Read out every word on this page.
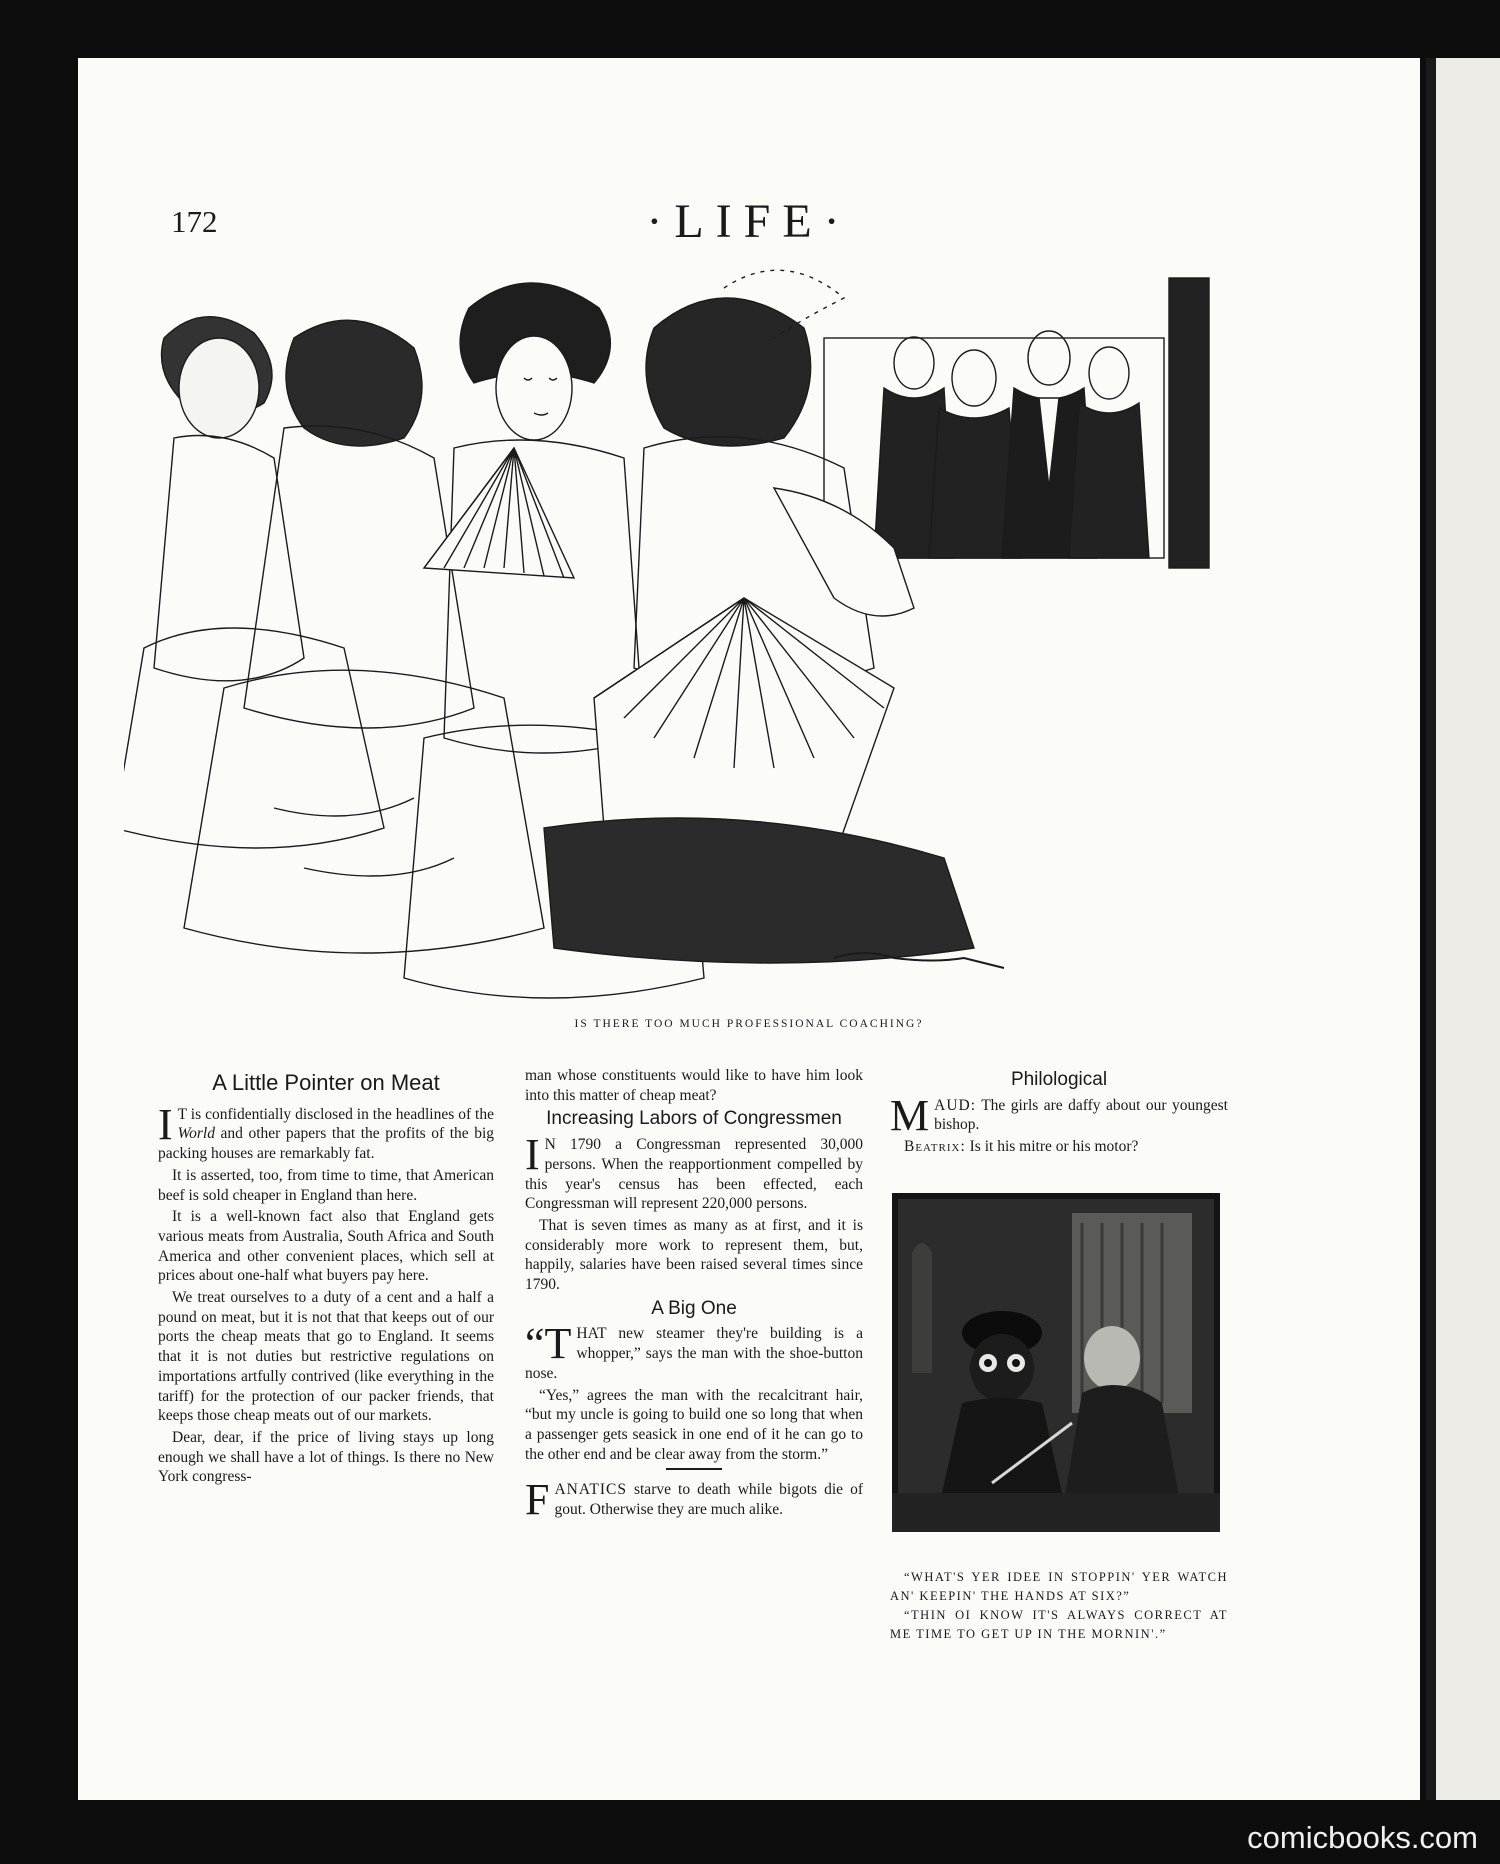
172	·LIFE·
IS THERE TOO MUCH PROFESSIONAL COACHING?
A Little Pointer on Meat

I T is confidentially disclosed in the headlines of the World and other papers that the profits of the big packing houses are remarkably fat.

It is asserted, too, from time to time, that American beef is sold cheaper in England than here.

It is a well-known fact also that England gets various meats from Australia, South Africa and South America and other convenient places, which sell at prices about one-half what buyers pay here.

We treat ourselves to a duty of a cent and a half a pound on meat, but it is not that that keeps out of our ports the cheap meats that go to England. It seems that it is not duties but restrictive regulations on importations artfully contrived (like everything in the tariff) for the protection of our packer friends, that keeps those cheap meats out of our markets.

Dear, dear, if the price of living stays up long enough we shall have a lot of things. Is there no New York congress-

man whose constituents would like to have him look into this matter of cheap meat?

Increasing Labors of Congressmen

I N 1790 a Congressman represented 30,000 persons. When the reapportionment compelled by this year's census has been effected, each Congressman will represent 220,000 persons.

That is seven times as many as at first, and it is considerably more work to represent them, but, happily, salaries have been raised several times since 1790.

A Big One

“THAT new steamer they're building is a whopper,” says the man with the shoe-button nose.

“Yes,” agrees the man with the recalcitrant hair, “but my uncle is going to build one so long that when a passenger gets seasick in one end of it he can go to the other end and be clear away from the storm.”

FANATICS starve to death while bigots die of gout. Otherwise they are much alike.

Philological

MAUD: The girls are daffy about our youngest bishop.

Beatrix: Is it his mitre or his motor?

“WHAT'S YER IDEE IN STOPPIN' YER WATCH AN' KEEPIN' THE HANDS AT SIX?”

“THIN OI KNOW IT'S ALWAYS CORRECT AT ME TIME TO GET UP IN THE MORNIN'.”

comicbooks.com
